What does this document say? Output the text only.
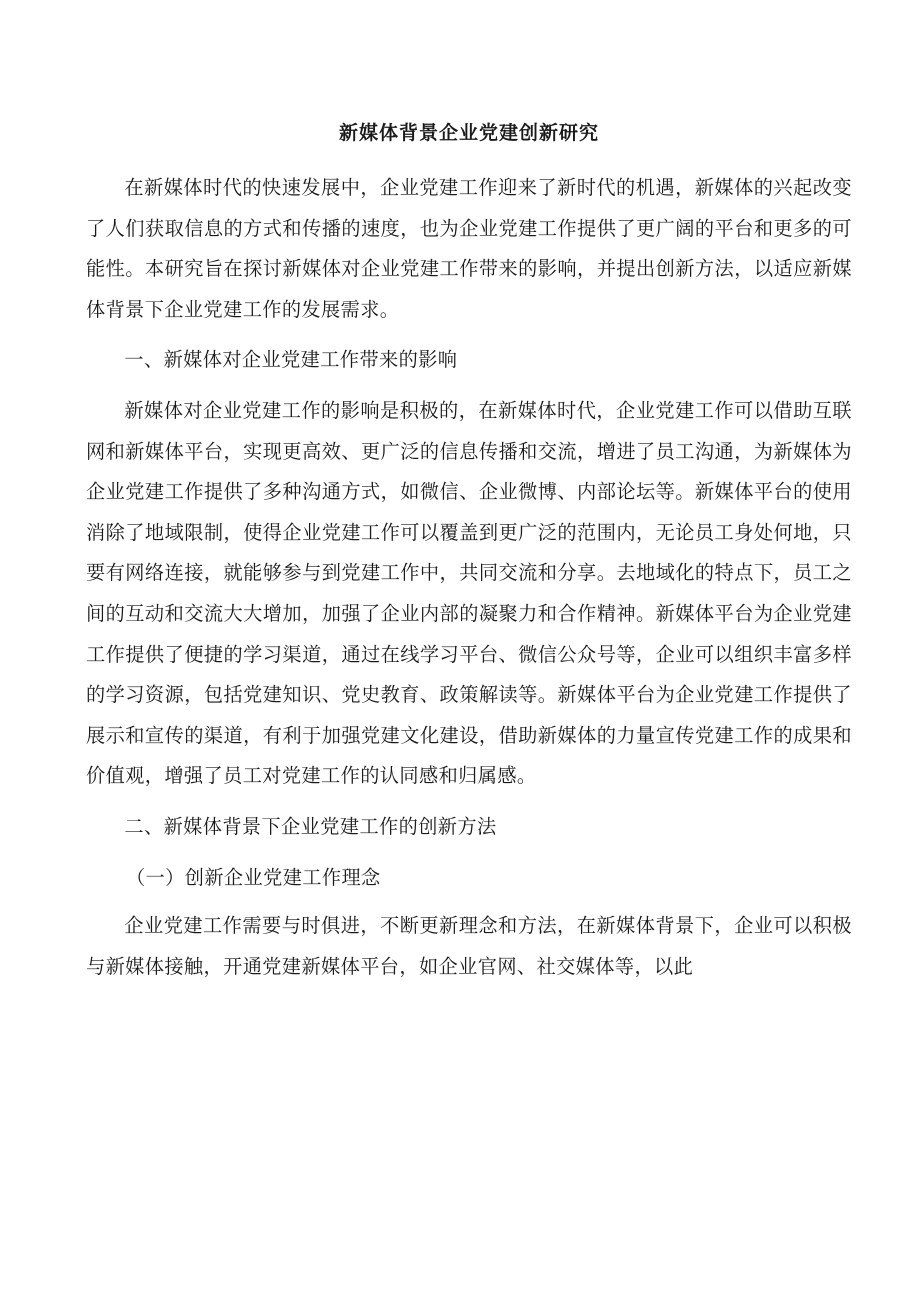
新媒体背景企业党建创新研究

在新媒体时代的快速发展中，企业党建工作迎来了新时代的机遇，新媒体的兴起改变了人们获取信息的方式和传播的速度，也为企业党建工作提供了更广阔的平台和更多的可能性。本研究旨在探讨新媒体对企业党建工作带来的影响，并提出创新方法，以适应新媒体背景下企业党建工作的发展需求。

一、新媒体对企业党建工作带来的影响

新媒体对企业党建工作的影响是积极的，在新媒体时代，企业党建工作可以借助互联网和新媒体平台，实现更高效、更广泛的信息传播和交流，增进了员工沟通，为新媒体为企业党建工作提供了多种沟通方式，如微信、企业微博、内部论坛等。新媒体平台的使用消除了地域限制，使得企业党建工作可以覆盖到更广泛的范围内，无论员工身处何地，只要有网络连接，就能够参与到党建工作中，共同交流和分享。去地域化的特点下，员工之间的互动和交流大大增加，加强了企业内部的凝聚力和合作精神。新媒体平台为企业党建工作提供了便捷的学习渠道，通过在线学习平台、微信公众号等，企业可以组织丰富多样的学习资源，包括党建知识、党史教育、政策解读等。新媒体平台为企业党建工作提供了展示和宣传的渠道，有利于加强党建文化建设，借助新媒体的力量宣传党建工作的成果和价值观，增强了员工对党建工作的认同感和归属感。

二、新媒体背景下企业党建工作的创新方法

（一）创新企业党建工作理念

企业党建工作需要与时俱进，不断更新理念和方法，在新媒体背景下，企业可以积极与新媒体接触，开通党建新媒体平台，如企业官网、社交媒体等，以此
